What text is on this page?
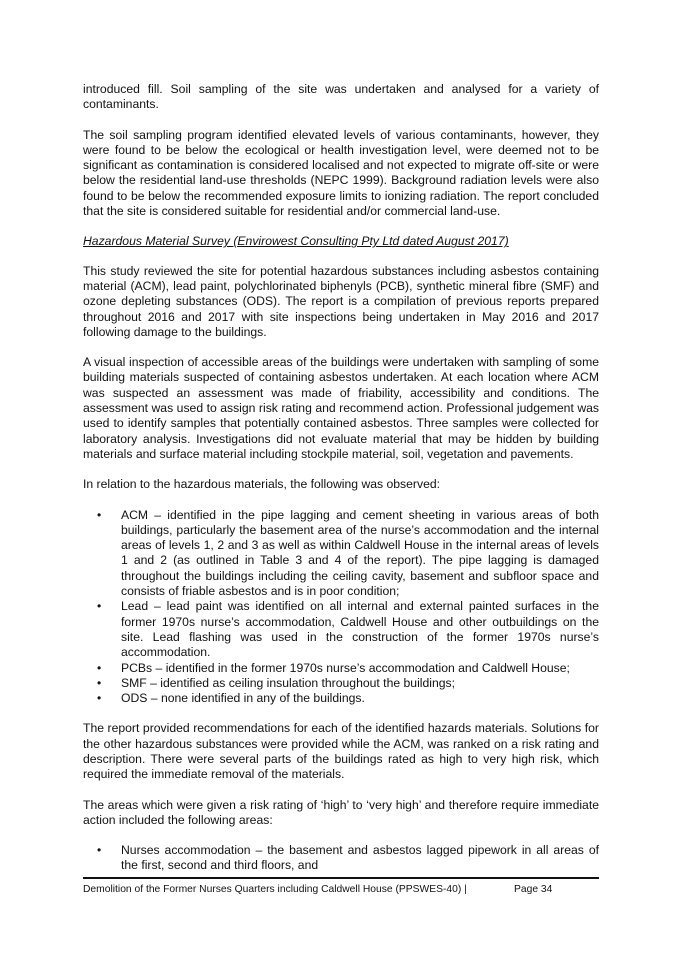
introduced fill. Soil sampling of the site was undertaken and analysed for a variety of contaminants.

The soil sampling program identified elevated levels of various contaminants, however, they were found to be below the ecological or health investigation level, were deemed not to be significant as contamination is considered localised and not expected to migrate off-site or were below the residential land-use thresholds (NEPC 1999). Background radiation levels were also found to be below the recommended exposure limits to ionizing radiation. The report concluded that the site is considered suitable for residential and/or commercial land-use.

Hazardous Material Survey (Envirowest Consulting Pty Ltd dated August 2017)

This study reviewed the site for potential hazardous substances including asbestos containing material (ACM), lead paint, polychlorinated biphenyls (PCB), synthetic mineral fibre (SMF) and ozone depleting substances (ODS). The report is a compilation of previous reports prepared throughout 2016 and 2017 with site inspections being undertaken in May 2016 and 2017 following damage to the buildings.

A visual inspection of accessible areas of the buildings were undertaken with sampling of some building materials suspected of containing asbestos undertaken. At each location where ACM was suspected an assessment was made of friability, accessibility and conditions. The assessment was used to assign risk rating and recommend action. Professional judgement was used to identify samples that potentially contained asbestos. Three samples were collected for laboratory analysis. Investigations did not evaluate material that may be hidden by building materials and surface material including stockpile material, soil, vegetation and pavements.

In relation to the hazardous materials, the following was observed:

• ACM – identified in the pipe lagging and cement sheeting in various areas of both buildings, particularly the basement area of the nurse’s accommodation and the internal areas of levels 1, 2 and 3 as well as within Caldwell House in the internal areas of levels 1 and 2 (as outlined in Table 3 and 4 of the report). The pipe lagging is damaged throughout the buildings including the ceiling cavity, basement and subfloor space and consists of friable asbestos and is in poor condition;
• Lead – lead paint was identified on all internal and external painted surfaces in the former 1970s nurse’s accommodation, Caldwell House and other outbuildings on the site. Lead flashing was used in the construction of the former 1970s nurse’s accommodation.
• PCBs – identified in the former 1970s nurse’s accommodation and Caldwell House;
• SMF – identified as ceiling insulation throughout the buildings;
• ODS – none identified in any of the buildings.

The report provided recommendations for each of the identified hazards materials. Solutions for the other hazardous substances were provided while the ACM, was ranked on a risk rating and description. There were several parts of the buildings rated as high to very high risk, which required the immediate removal of the materials.

The areas which were given a risk rating of ‘high’ to ‘very high’ and therefore require immediate action included the following areas:

• Nurses accommodation – the basement and asbestos lagged pipework in all areas of the first, second and third floors, and
Demolition of the Former Nurses Quarters including Caldwell House (PPSWES-40) |	Page 34
